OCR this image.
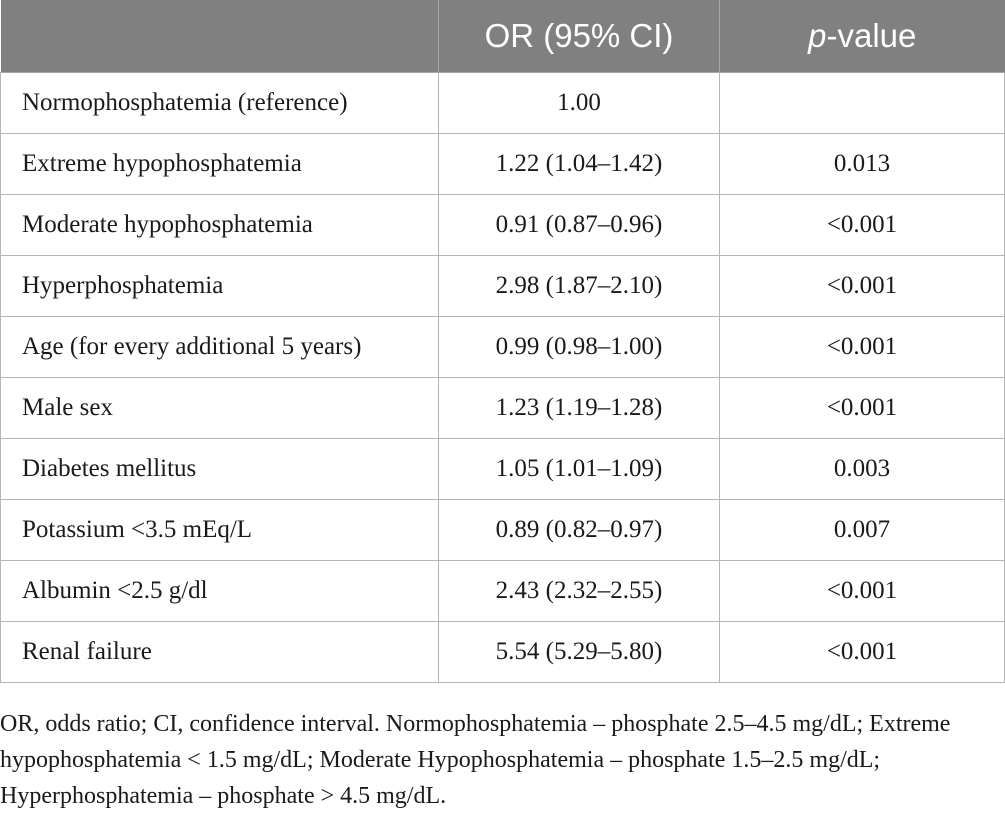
	OR (95% CI)	p-value
Normophosphatemia (reference)	1.00	
Extreme hypophosphatemia	1.22 (1.04–1.42)	0.013
Moderate hypophosphatemia	0.91 (0.87–0.96)	<0.001
Hyperphosphatemia	2.98 (1.87–2.10)	<0.001
Age (for every additional 5 years)	0.99 (0.98–1.00)	<0.001
Male sex	1.23 (1.19–1.28)	<0.001
Diabetes mellitus	1.05 (1.01–1.09)	0.003
Potassium <3.5 mEq/L	0.89 (0.82–0.97)	0.007
Albumin <2.5 g/dl	2.43 (2.32–2.55)	<0.001
Renal failure	5.54 (5.29–5.80)	<0.001

OR, odds ratio; CI, confidence interval. Normophosphatemia – phosphate 2.5–4.5 mg/dL; Extreme hypophosphatemia < 1.5 mg/dL; Moderate Hypophosphatemia – phosphate 1.5–2.5 mg/dL; Hyperphosphatemia – phosphate > 4.5 mg/dL.
